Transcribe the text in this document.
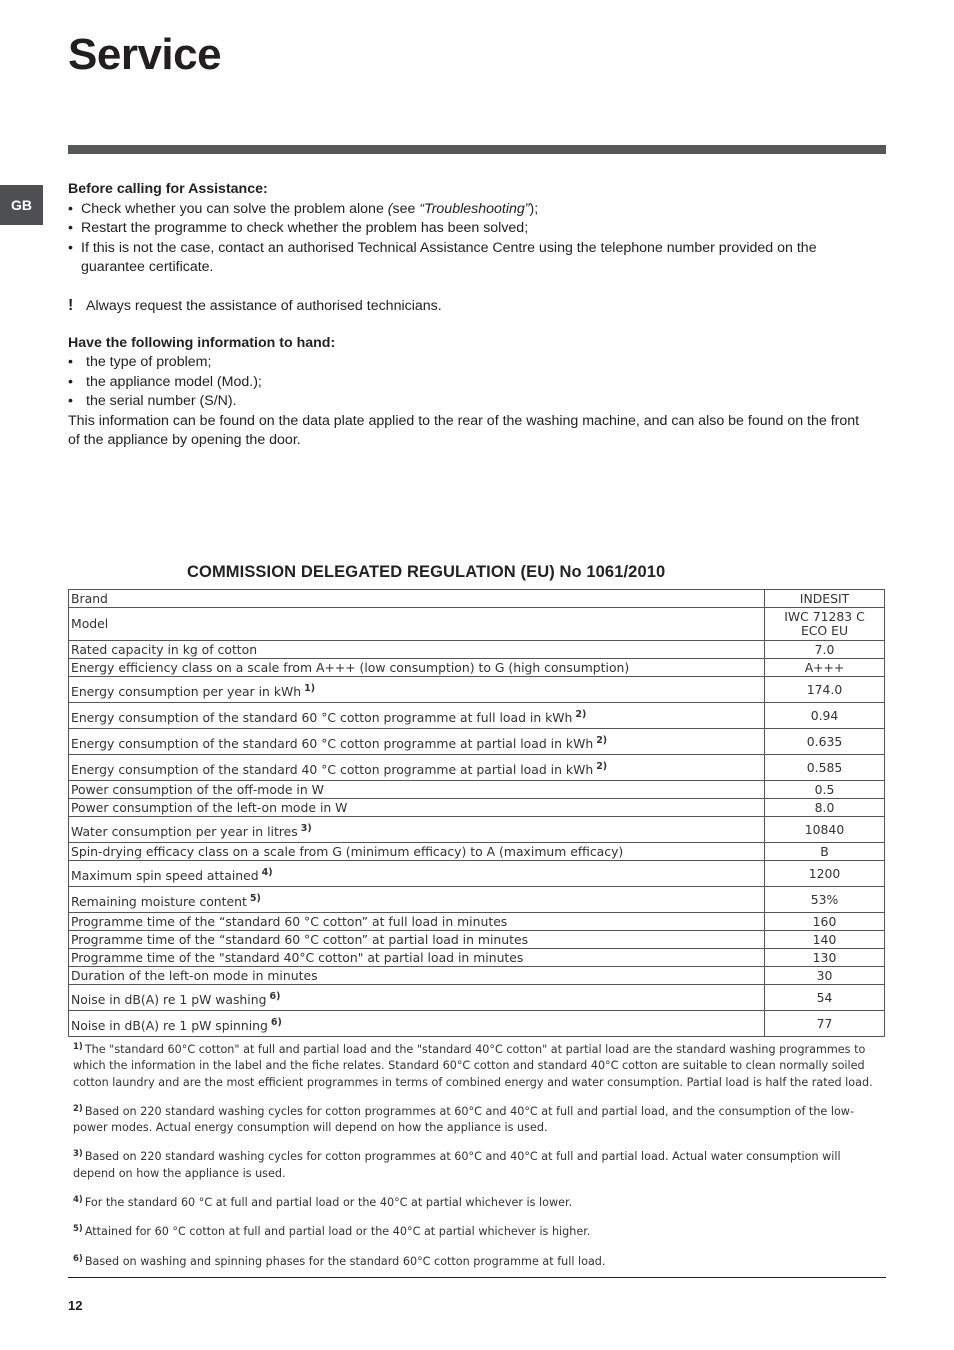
Service
GB
Before calling for Assistance:
• Check whether you can solve the problem alone (see “Troubleshooting”);
• Restart the programme to check whether the problem has been solved;
• If this is not the case, contact an authorised Technical Assistance Centre using the telephone number provided on the guarantee certificate.

! Always request the assistance of authorised technicians.

Have the following information to hand:
• the type of problem;
• the appliance model (Mod.);
• the serial number (S/N).

This information can be found on the data plate applied to the rear of the washing machine, and can also be found on the front of the appliance by opening the door.

COMMISSION DELEGATED REGULATION (EU) No 1061/2010
Brand	INDESIT
Model	IWC 71283 C
ECO EU
Rated capacity in kg of cotton	7.0
Energy efficiency class on a scale from A+++ (low consumption) to G (high consumption)	A+++
Energy consumption per year in kWh $^{1)}$	174.0
Energy consumption of the standard 60 °C cotton programme at full load in kWh $^{2)}$	0.94
Energy consumption of the standard 60 °C cotton programme at partial load in kWh $^{2)}$	0.635
Energy consumption of the standard 40 °C cotton programme at partial load in kWh $^{2)}$	0.585
Power consumption of the off-mode in W	0.5
Power consumption of the left-on mode in W	8.0
Water consumption per year in litres $^{3)}$	10840
Spin-drying efficacy class on a scale from G (minimum efficacy) to A (maximum efficacy)	B
Maximum spin speed attained $^{4)}$	1200
Remaining moisture content $^{5)}$	53%
Programme time of the “standard 60 °C cotton” at full load in minutes	160
Programme time of the “standard 60 °C cotton” at partial load in minutes	140
Programme time of the "standard 40°C cotton" at partial load in minutes	130
Duration of the left-on mode in minutes	30
Noise in dB(A) re 1 pW washing $^{6)}$	54
Noise in dB(A) re 1 pW spinning $^{6)}$	77

$^{1)}$ The "standard 60°C cotton" at full and partial load and the "standard 40°C cotton" at partial load are the standard washing programmes to which the information in the label and the fiche relates. Standard 60°C cotton and standard 40°C cotton are suitable to clean normally soiled cotton laundry and are the most efficient programmes in terms of combined energy and water consumption. Partial load is half the rated load.

$^{2)}$ Based on 220 standard washing cycles for cotton programmes at 60°C and 40°C at full and partial load, and the consumption of the low-power modes. Actual energy consumption will depend on how the appliance is used.

$^{3)}$ Based on 220 standard washing cycles for cotton programmes at 60°C and 40°C at full and partial load. Actual water consumption will depend on how the appliance is used.

$^{4)}$ For the standard 60 °C at full and partial load or the 40°C at partial whichever is lower.

$^{5)}$ Attained for 60 °C cotton at full and partial load or the 40°C at partial whichever is higher.

$^{6)}$ Based on washing and spinning phases for the standard 60°C cotton programme at full load.

12
